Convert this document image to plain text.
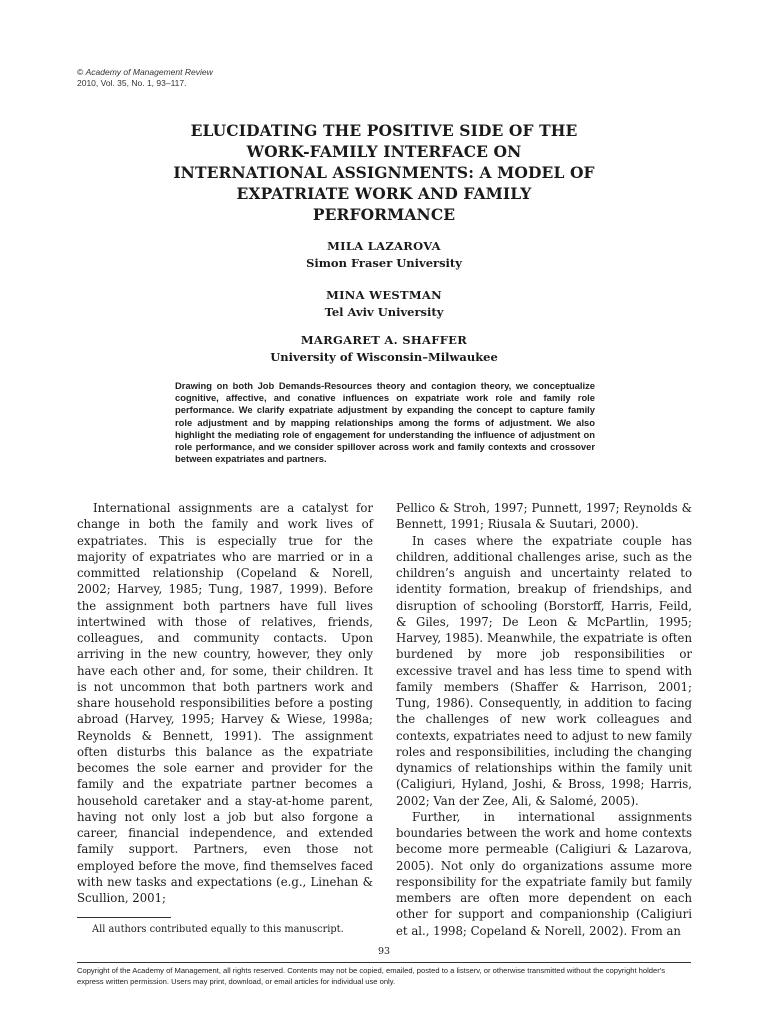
© Academy of Management Review
2010, Vol. 35, No. 1, 93–117.
ELUCIDATING THE POSITIVE SIDE OF THE
WORK-FAMILY INTERFACE ON
INTERNATIONAL ASSIGNMENTS: A MODEL OF
EXPATRIATE WORK AND FAMILY
PERFORMANCE
MILA LAZAROVA
Simon Fraser University
MINA WESTMAN
Tel Aviv University
MARGARET A. SHAFFER
University of Wisconsin–Milwaukee
Drawing on both Job Demands-Resources theory and contagion theory, we conceptualize cognitive, affective, and conative influences on expatriate work role and family role performance. We clarify expatriate adjustment by expanding the concept to capture family role adjustment and by mapping relationships among the forms of adjustment. We also highlight the mediating role of engagement for understanding the influence of adjustment on role performance, and we consider spillover across work and family contexts and crossover between expatriates and partners.

International assignments are a catalyst for change in both the family and work lives of expatriates. This is especially true for the majority of expatriates who are married or in a committed relationship (Copeland & Norell, 2002; Harvey, 1985; Tung, 1987, 1999). Before the assignment both partners have full lives intertwined with those of relatives, friends, colleagues, and community contacts. Upon arriving in the new country, however, they only have each other and, for some, their children. It is not uncommon that both partners work and share household responsibilities before a posting abroad (Harvey, 1995; Harvey & Wiese, 1998a; Reynolds & Bennett, 1991). The assignment often disturbs this balance as the expatriate becomes the sole earner and provider for the family and the expatriate partner becomes a household caretaker and a stay-at-home parent, having not only lost a job but also forgone a career, financial independence, and extended family support. Partners, even those not employed before the move, find themselves faced with new tasks and expectations (e.g., Linehan & Scullion, 2001;

Pellico & Stroh, 1997; Punnett, 1997; Reynolds & Bennett, 1991; Riusala & Suutari, 2000).

In cases where the expatriate couple has children, additional challenges arise, such as the children’s anguish and uncertainty related to identity formation, breakup of friendships, and disruption of schooling (Borstorff, Harris, Feild, & Giles, 1997; De Leon & McPartlin, 1995; Harvey, 1985). Meanwhile, the expatriate is often burdened by more job responsibilities or excessive travel and has less time to spend with family members (Shaffer & Harrison, 2001; Tung, 1986). Consequently, in addition to facing the challenges of new work colleagues and contexts, expatriates need to adjust to new family roles and responsibilities, including the changing dynamics of relationships within the family unit (Caligiuri, Hyland, Joshi, & Bross, 1998; Harris, 2002; Van der Zee, Ali, & Salomé, 2005).

Further, in international assignments boundaries between the work and home contexts become more permeable (Caligiuri & Lazarova, 2005). Not only do organizations assume more responsibility for the expatriate family but family members are often more dependent on each other for support and companionship (Caligiuri et al., 1998; Copeland & Norell, 2002). From an

All authors contributed equally to this manuscript.
93
Copyright of the Academy of Management, all rights reserved. Contents may not be copied, emailed, posted to a listserv, or otherwise transmitted without the copyright holder's express written permission. Users may print, download, or email articles for individual use only.
